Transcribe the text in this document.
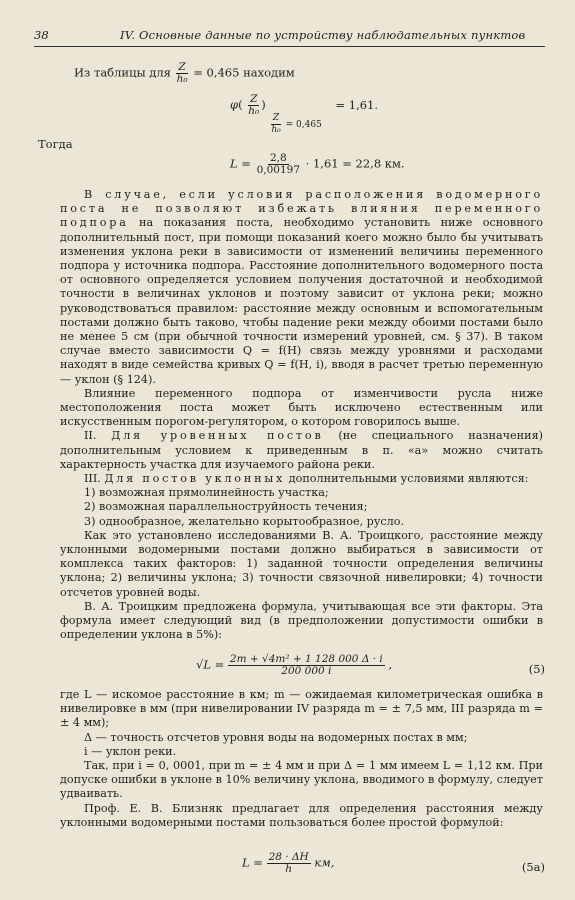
38	IV. Основные данные по устройству наблюдательных пунктов
Из таблицы для $\frac{Z}{\text{h₀}} = 0,465$ находим
$\varphi( \frac{Z}{\text{h₀}}$ )
$\frac{Z}{\text{h₀}} = 0,465 = 1,61$.
Тогда
$L = \frac{2,8}{0,00197} \cdot 1,61 = 22,8$ км.

В случае, если условия расположения водомерного поста не позволяют избежать влияния переменного подпора на показания поста, необходимо установить ниже основного дополнительный пост, при помощи показаний коего можно было бы учитывать изменения уклона реки в зависимости от изменений величины переменного подпора у источника подпора. Расстояние дополнительного водомерного поста от основного определяется условием получения достаточной и необходимой точности в величинах уклонов и поэтому зависит от уклона реки; можно руководствоваться правилом: расстояние между основным и вспомогательным постами должно быть таково, чтобы падение реки между обоими постами было не менее 5 см (при обычной точности измерений уровней, см. § 37). В таком случае вместо зависимости Q = f(H) связь между уровнями и расходами находят в виде семейства кривых Q = f(H, i), вводя в расчет третью переменную — уклон (§ 124).

Влияние переменного подпора от изменчивости русла ниже местоположения поста может быть исключено естественным или искусственным порогом-регулятором, о котором говорилось выше.

II. Для уровенных постов (не специального назначения) дополнительным условием к приведенным в п. «а» можно считать характерность участка для изучаемого района реки.

III. Для постов уклонных дополнительными условиями являются:

1) возможная прямолинейность участка;
2) возможная параллельноструйность течения;
3) однообразное, желательно корытообразное, русло.

Как это установлено исследованиями В. А. Троицкого, расстояние между уклонными водомерными постами должно выбираться в зависимости от комплекса таких факторов: 1) заданной точности определения величины уклона; 2) величины уклона; 3) точности связочной нивелировки; 4) точности отсчетов уровней воды.

В. А. Троицким предложена формула, учитывающая все эти факторы. Эта формула имеет следующий вид (в предположении допустимости ошибки в определении уклона в 5%):

$√L = \frac{\text{2m + √4m² + 1 128 000 Δ · i}}{200 000 i}$ ,	(5)

где L — искомое расстояние в км; m — ожидаемая километрическая ошибка в нивелировке в мм (при нивелировании IV разряда m = ± 7,5 мм, III разряда m = ± 4 мм);

Δ — точность отсчетов уровня воды на водомерных постах в мм;

i — уклон реки.

Так, при i = 0, 0001, при m = ± 4 мм и при Δ = 1 мм имеем L = 1,12 км. При допуске ошибки в уклоне в 10% величину уклона, вводимого в формулу, следует удваивать.

Проф. Е. В. Близняк предлагает для определения расстояния между уклонными водомерными постами пользоваться более простой формулой:

$L = \frac{28 \cdot \Delta H}{h}$ км,	(5а)
